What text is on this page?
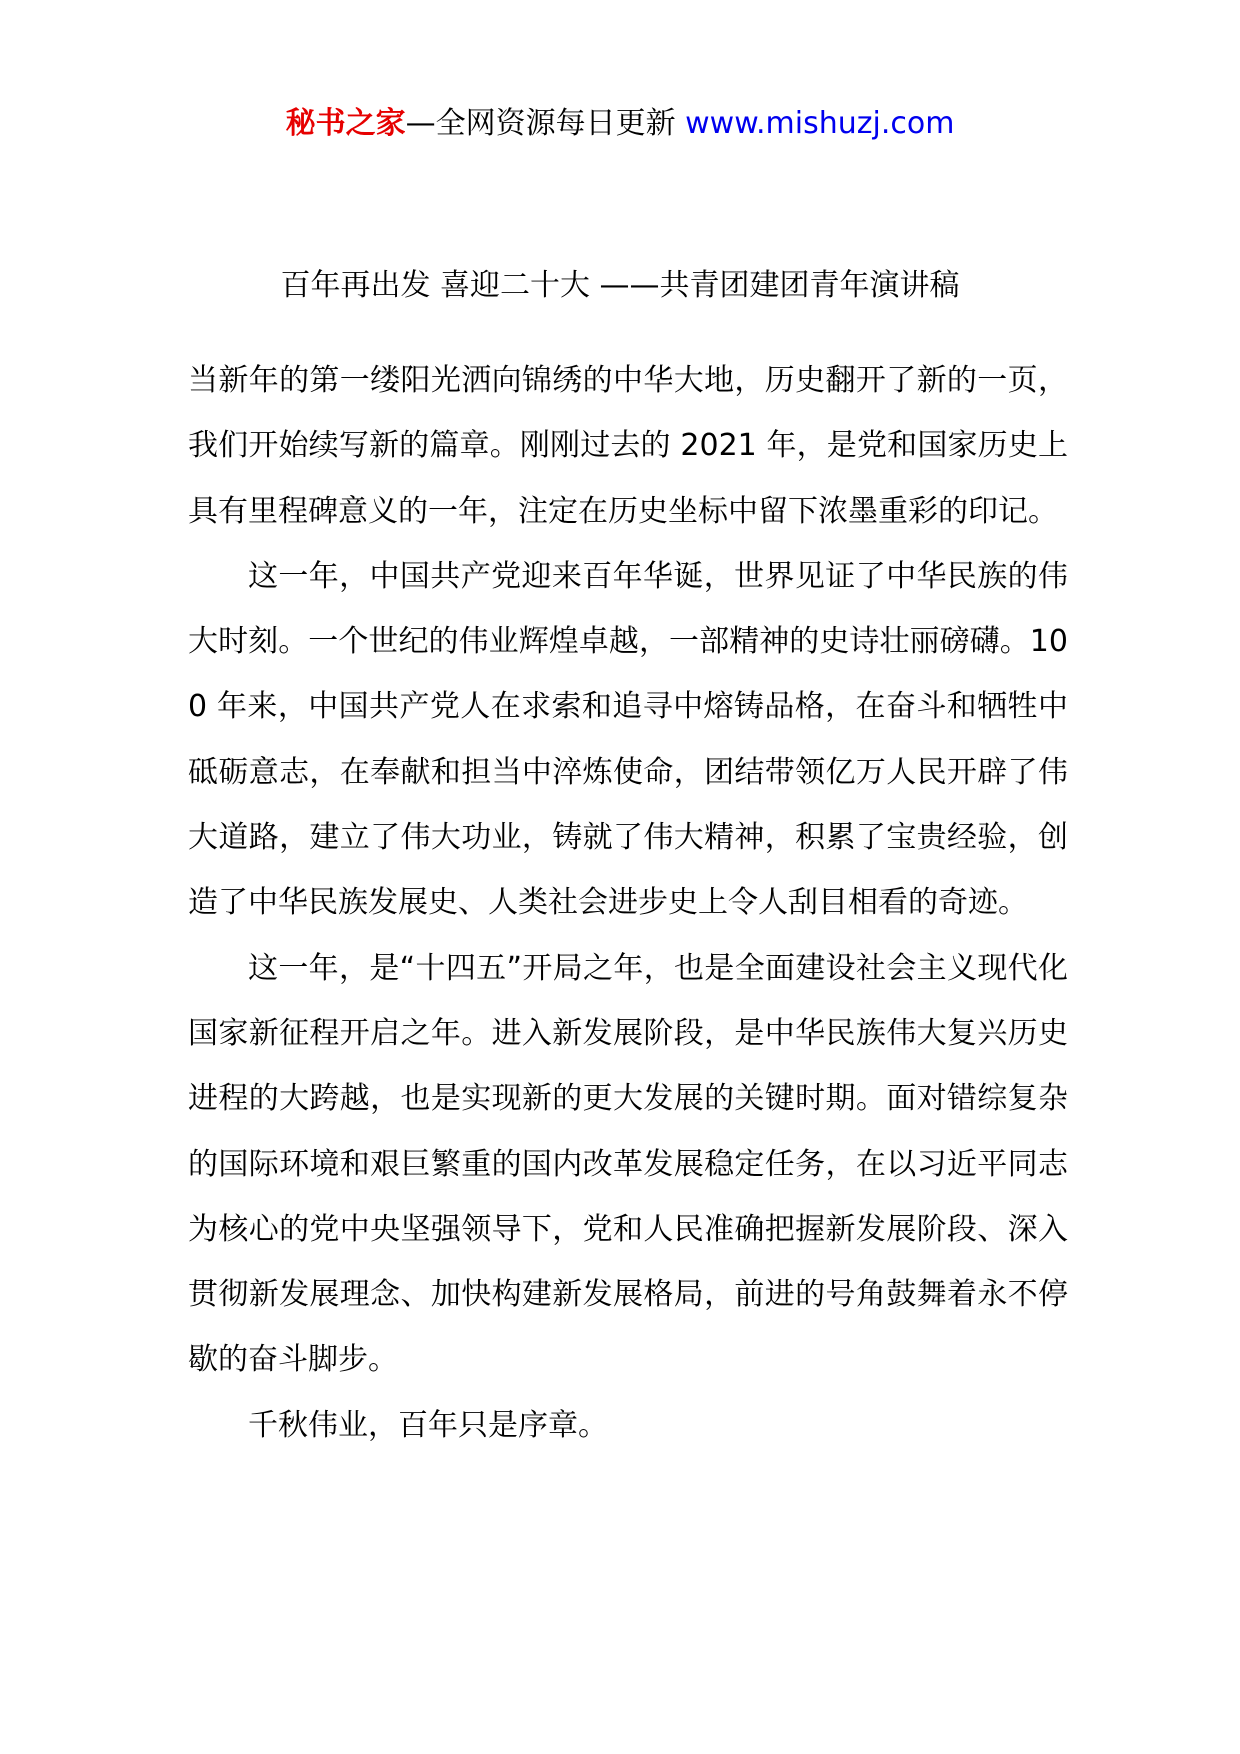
秘书之家—全网资源每日更新 www.mishuzj.com
百年再出发 喜迎二十大 ——共青团建团青年演讲稿

当新年的第一缕阳光洒向锦绣的中华大地，历史翻开了新的一页，我们开始续写新的篇章。刚刚过去的 2021 年，是党和国家历史上具有里程碑意义的一年，注定在历史坐标中留下浓墨重彩的印记。

这一年，中国共产党迎来百年华诞，世界见证了中华民族的伟大时刻。一个世纪的伟业辉煌卓越，一部精神的史诗壮丽磅礴。100 年来，中国共产党人在求索和追寻中熔铸品格，在奋斗和牺牲中砥砺意志，在奉献和担当中淬炼使命，团结带领亿万人民开辟了伟大道路，建立了伟大功业，铸就了伟大精神，积累了宝贵经验，创造了中华民族发展史、人类社会进步史上令人刮目相看的奇迹。

这一年，是“十四五”开局之年，也是全面建设社会主义现代化国家新征程开启之年。进入新发展阶段，是中华民族伟大复兴历史进程的大跨越，也是实现新的更大发展的关键时期。面对错综复杂的国际环境和艰巨繁重的国内改革发展稳定任务，在以习近平同志为核心的党中央坚强领导下，党和人民准确把握新发展阶段、深入贯彻新发展理念、加快构建新发展格局，前进的号角鼓舞着永不停歇的奋斗脚步。

千秋伟业，百年只是序章。
